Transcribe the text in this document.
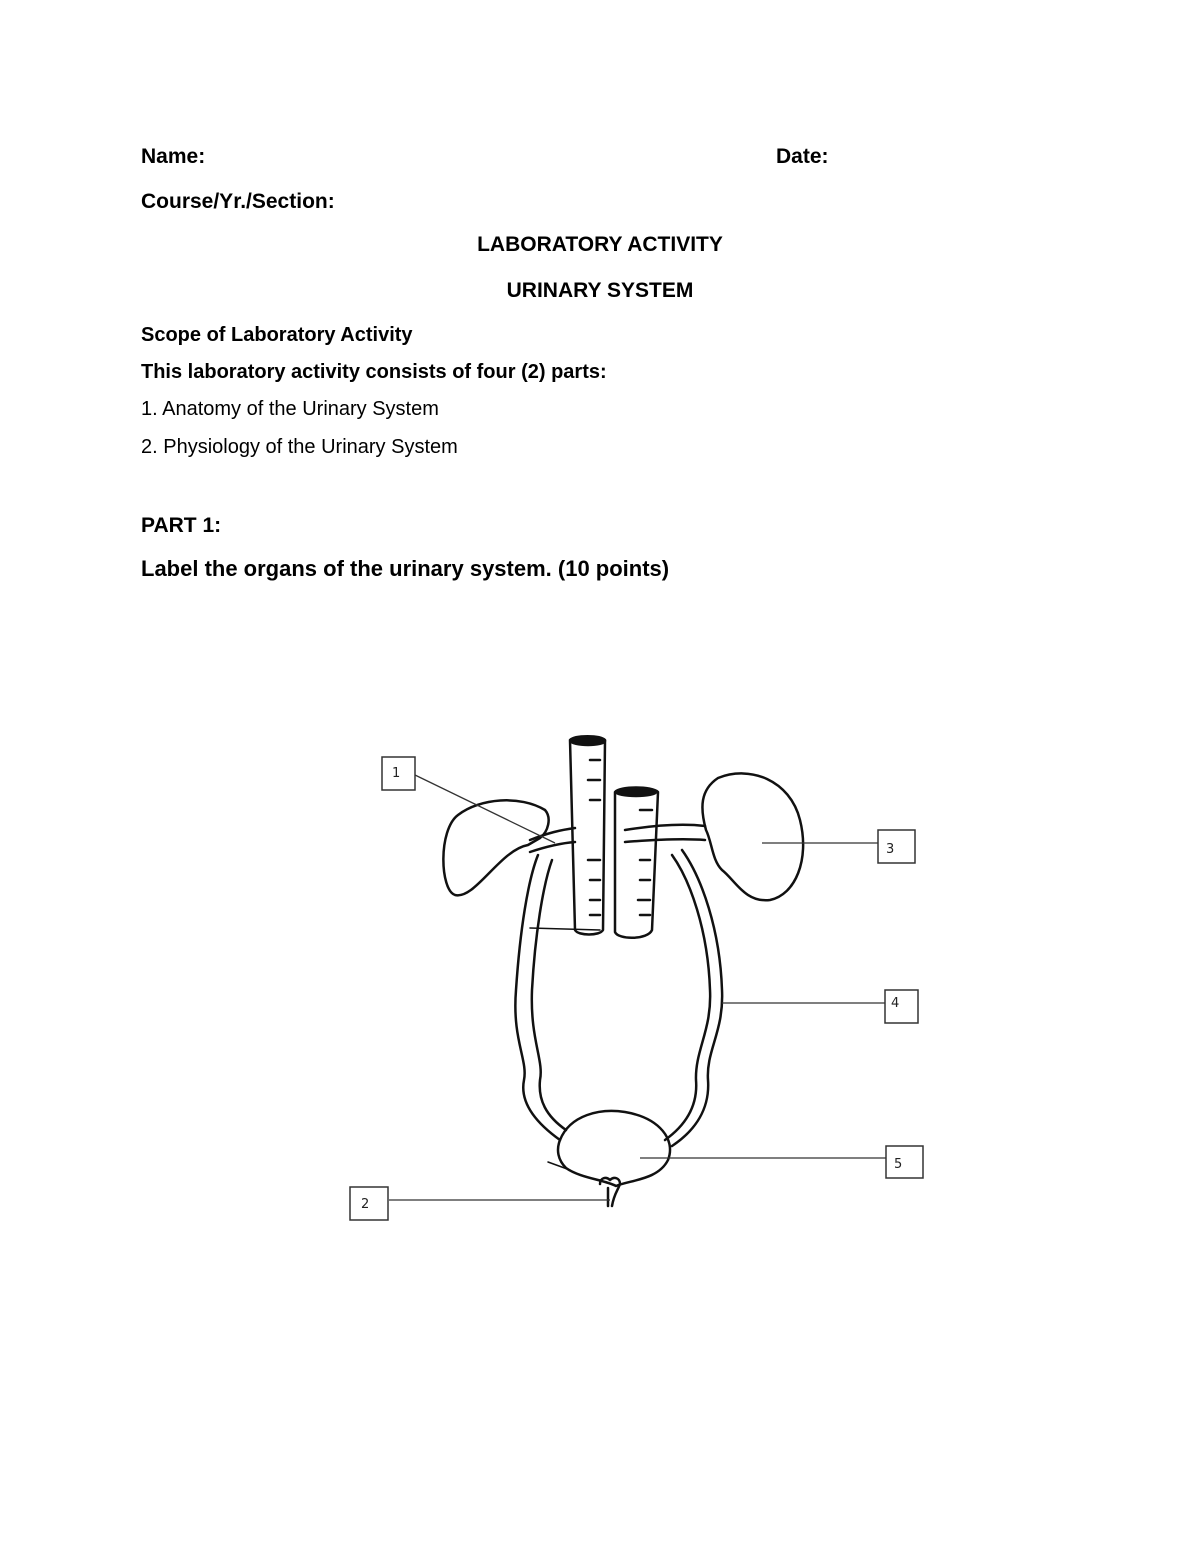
Name:	Date:
Course/Yr./Section:
LABORATORY ACTIVITY
URINARY SYSTEM
Scope of Laboratory Activity
This laboratory activity consists of four (2) parts:
1. Anatomy of the Urinary System
2. Physiology of the Urinary System
PART 1:
Label the organs of the urinary system. (10 points)
1
3
4
5
2
